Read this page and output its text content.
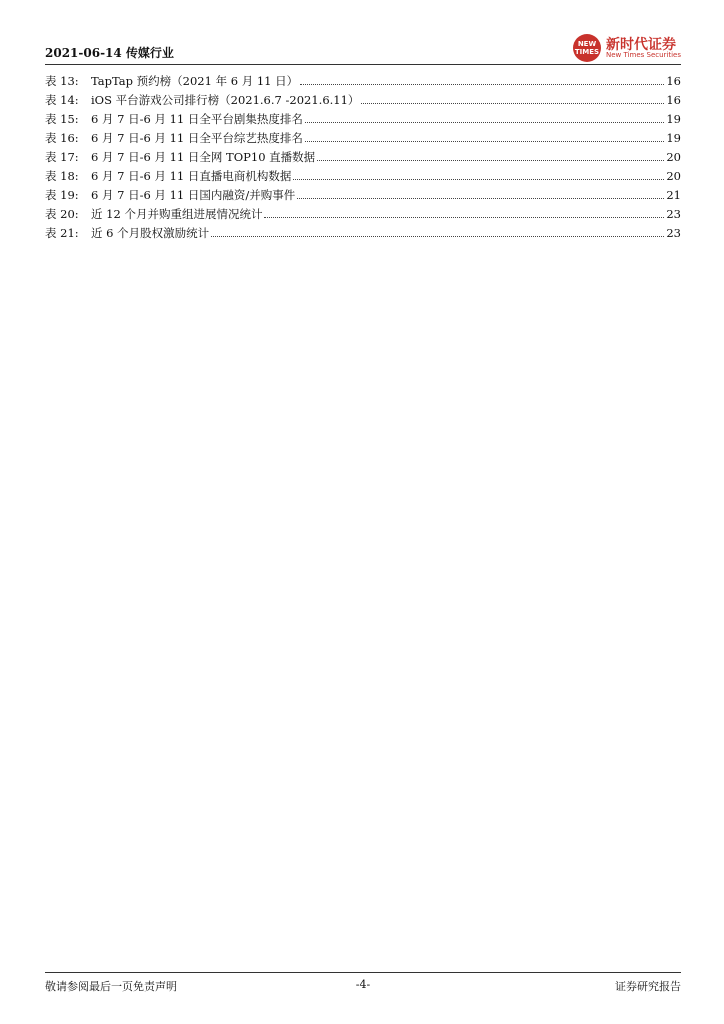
2021-06-14 传媒行业
NEW
TIMES 新时代证券
New Times Securities
表 13:	TapTap 预约榜（2021 年 6 月 11 日）	16
表 14:	iOS 平台游戏公司排行榜（2021.6.7 -2021.6.11）	16
表 15:	6 月 7 日-6 月 11 日全平台剧集热度排名	19
表 16:	6 月 7 日-6 月 11 日全平台综艺热度排名	19
表 17:	6 月 7 日-6 月 11 日全网 TOP10 直播数据	20
表 18:	6 月 7 日-6 月 11 日直播电商机构数据	20
表 19:	6 月 7 日-6 月 11 日国内融资/并购事件	21
表 20:	近 12 个月并购重组进展情况统计	23
表 21:	近 6 个月股权激励统计	23
-4-
敬请参阅最后一页免责声明	证券研究报告
